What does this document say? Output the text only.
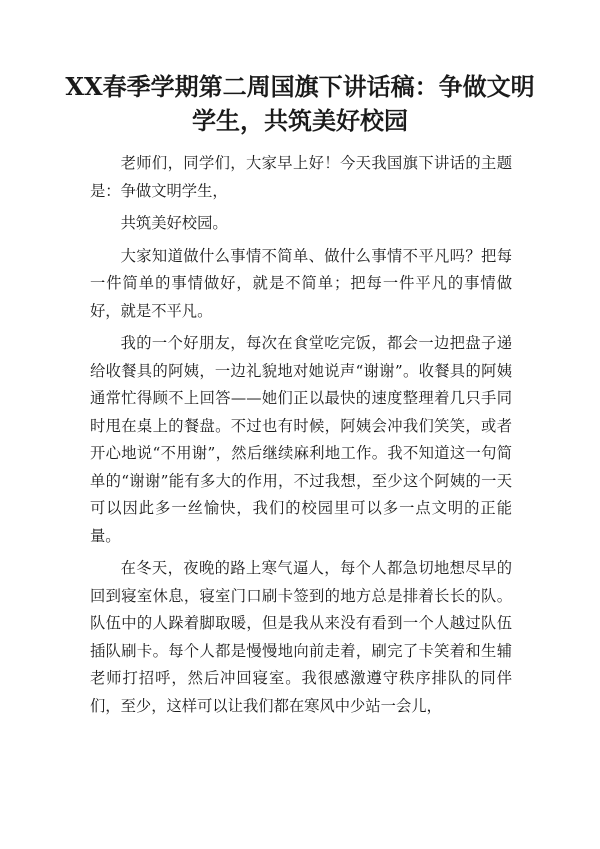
XX春季学期第二周国旗下讲话稿：争做文明学生，共筑美好校园

老师们，同学们，大家早上好！今天我国旗下讲话的主题是：争做文明学生，

共筑美好校园。

大家知道做什么事情不简单、做什么事情不平凡吗？把每一件简单的事情做好，就是不简单；把每一件平凡的事情做好，就是不平凡。

我的一个好朋友，每次在食堂吃完饭，都会一边把盘子递给收餐具的阿姨，一边礼貌地对她说声“谢谢”。收餐具的阿姨通常忙得顾不上回答——她们正以最快的速度整理着几只手同时甩在桌上的餐盘。不过也有时候，阿姨会冲我们笑笑，或者开心地说“不用谢”，然后继续麻利地工作。我不知道这一句简单的“谢谢”能有多大的作用，不过我想，至少这个阿姨的一天可以因此多一丝愉快，我们的校园里可以多一点文明的正能量。

在冬天，夜晚的路上寒气逼人，每个人都急切地想尽早的回到寝室休息，寝室门口刷卡签到的地方总是排着长长的队。队伍中的人跺着脚取暖，但是我从来没有看到一个人越过队伍插队刷卡。每个人都是慢慢地向前走着，刷完了卡笑着和生辅老师打招呼，然后冲回寝室。我很感激遵守秩序排队的同伴们，至少，这样可以让我们都在寒风中少站一会儿，
